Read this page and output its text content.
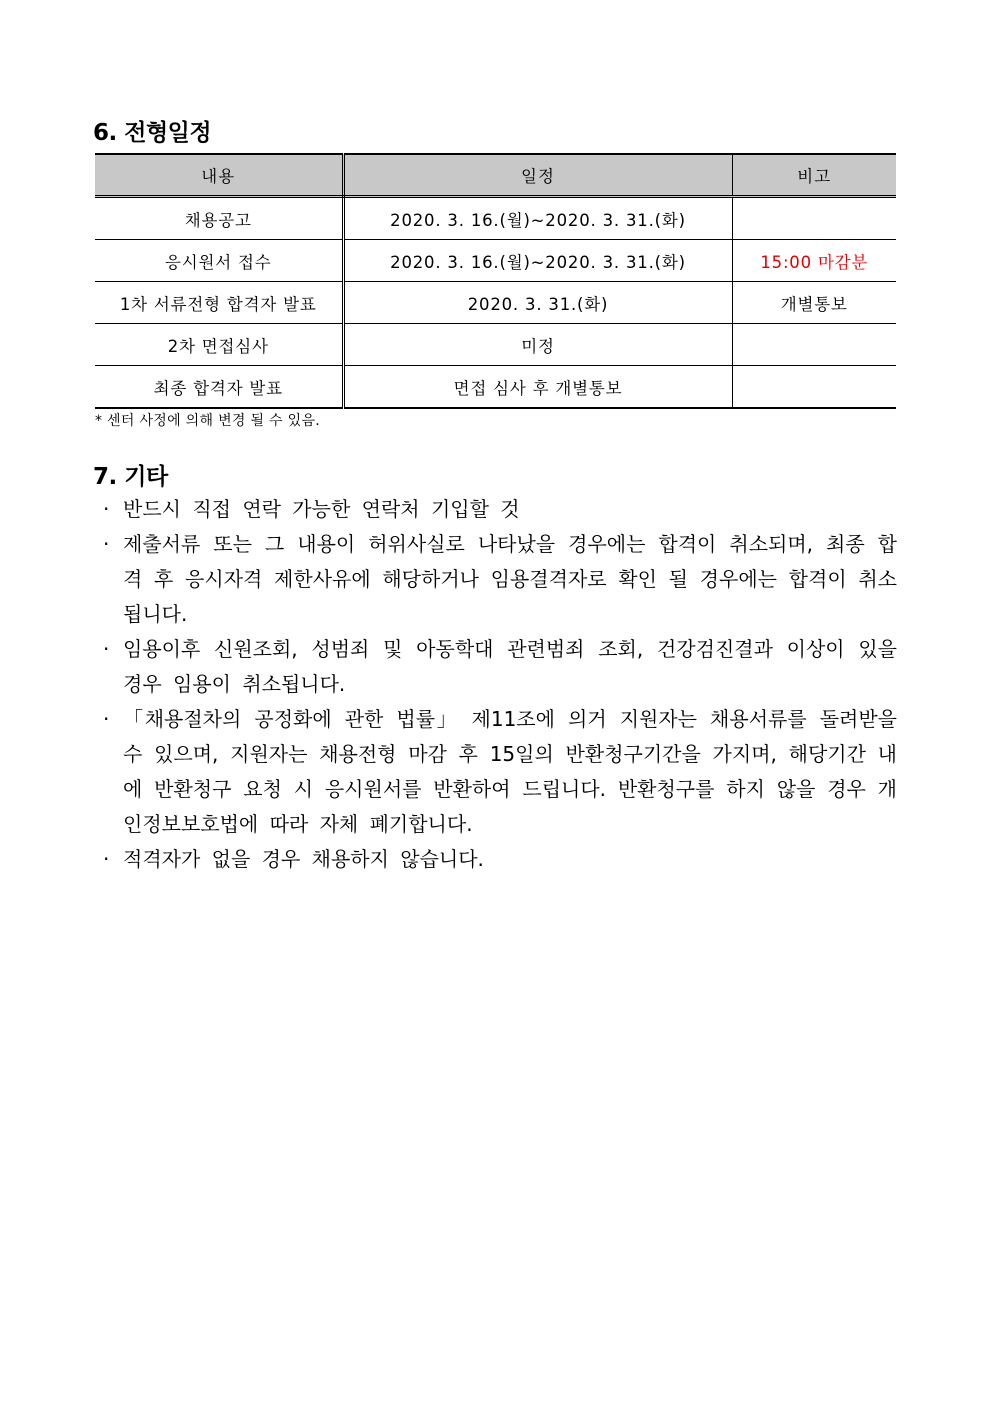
6. 전형일정
내용	일정	비고
채용공고	2020. 3. 16.(월)~2020. 3. 31.(화)	
응시원서 접수	2020. 3. 16.(월)~2020. 3. 31.(화)	15:00 마감분
1차 서류전형 합격자 발표	2020. 3. 31.(화)	개별통보
2차 면접심사	미정	
최종 합격자 발표	면접 심사 후 개별통보	
* 센터 사정에 의해 변경 될 수 있음.
7. 기타
· 반드시 직접 연락 가능한 연락처 기입할 것
· 제출서류 또는 그 내용이 허위사실로 나타났을 경우에는 합격이 취소되며, 최종 합격 후 응시자격 제한사유에 해당하거나 임용결격자로 확인 될 경우에는 합격이 취소됩니다.
· 임용이후 신원조회, 성범죄 및 아동학대 관련범죄 조회, 건강검진결과 이상이 있을 경우 임용이 취소됩니다.
· 「채용절차의 공정화에 관한 법률」 제11조에 의거 지원자는 채용서류를 돌려받을 수 있으며, 지원자는 채용전형 마감 후 15일의 반환청구기간을 가지며, 해당기간 내에 반환청구 요청 시 응시원서를 반환하여 드립니다. 반환청구를 하지 않을 경우 개인정보보호법에 따라 자체 폐기합니다.
· 적격자가 없을 경우 채용하지 않습니다.
